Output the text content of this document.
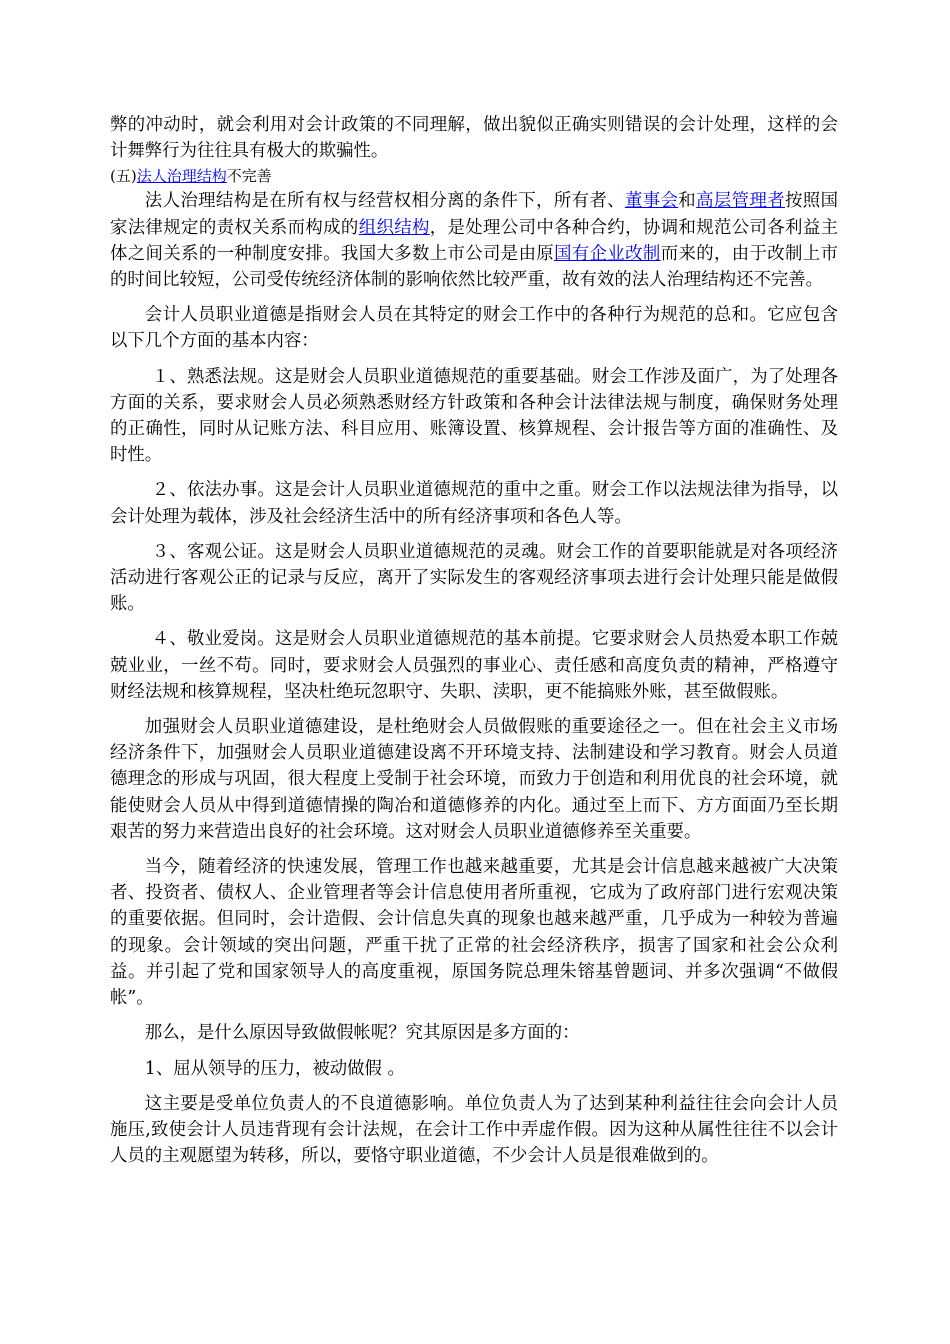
弊的冲动时，就会利用对会计政策的不同理解，做出貌似正确实则错误的会计处理，这样的会计舞弊行为往往具有极大的欺骗性。

(五)法人治理结构不完善

法人治理结构是在所有权与经营权相分离的条件下，所有者、董事会和高层管理者按照国家法律规定的责权关系而构成的组织结构，是处理公司中各种合约，协调和规范公司各利益主体之间关系的一种制度安排。我国大多数上市公司是由原国有企业改制而来的，由于改制上市的时间比较短，公司受传统经济体制的影响依然比较严重，故有效的法人治理结构还不完善。

会计人员职业道德是指财会人员在其特定的财会工作中的各种行为规范的总和。它应包含以下几个方面的基本内容：

１、熟悉法规。这是财会人员职业道德规范的重要基础。财会工作涉及面广，为了处理各方面的关系，要求财会人员必须熟悉财经方针政策和各种会计法律法规与制度，确保财务处理的正确性，同时从记账方法、科目应用、账簿设置、核算规程、会计报告等方面的准确性、及时性。

２、依法办事。这是会计人员职业道德规范的重中之重。财会工作以法规法律为指导，以会计处理为载体，涉及社会经济生活中的所有经济事项和各色人等。

３、客观公证。这是财会人员职业道德规范的灵魂。财会工作的首要职能就是对各项经济活动进行客观公正的记录与反应，离开了实际发生的客观经济事项去进行会计处理只能是做假账。

４、敬业爱岗。这是财会人员职业道德规范的基本前提。它要求财会人员热爱本职工作兢兢业业，一丝不苟。同时，要求财会人员强烈的事业心、责任感和高度负责的精神，严格遵守财经法规和核算规程，坚决杜绝玩忽职守、失职、渎职，更不能搞账外账，甚至做假账。

加强财会人员职业道德建设，是杜绝财会人员做假账的重要途径之一。但在社会主义市场经济条件下，加强财会人员职业道德建设离不开环境支持、法制建设和学习教育。财会人员道德理念的形成与巩固，很大程度上受制于社会环境，而致力于创造和利用优良的社会环境，就能使财会人员从中得到道德情操的陶冶和道德修养的内化。通过至上而下、方方面面乃至长期艰苦的努力来营造出良好的社会环境。这对财会人员职业道德修养至关重要。

当今，随着经济的快速发展，管理工作也越来越重要，尤其是会计信息越来越被广大决策者、投资者、债权人、企业管理者等会计信息使用者所重视，它成为了政府部门进行宏观决策的重要依据。但同时，会计造假、会计信息失真的现象也越来越严重，几乎成为一种较为普遍的现象。会计领域的突出问题，严重干扰了正常的社会经济秩序，损害了国家和社会公众利益。并引起了党和国家领导人的高度重视，原国务院总理朱镕基曾题词、并多次强调“不做假帐”。

那么，是什么原因导致做假帐呢？究其原因是多方面的：

1、屈从领导的压力，被动做假 。

这主要是受单位负责人的不良道德影响。单位负责人为了达到某种利益往往会向会计人员施压,致使会计人员违背现有会计法规，在会计工作中弄虚作假。因为这种从属性往往不以会计人员的主观愿望为转移，所以，要恪守职业道德，不少会计人员是很难做到的。
